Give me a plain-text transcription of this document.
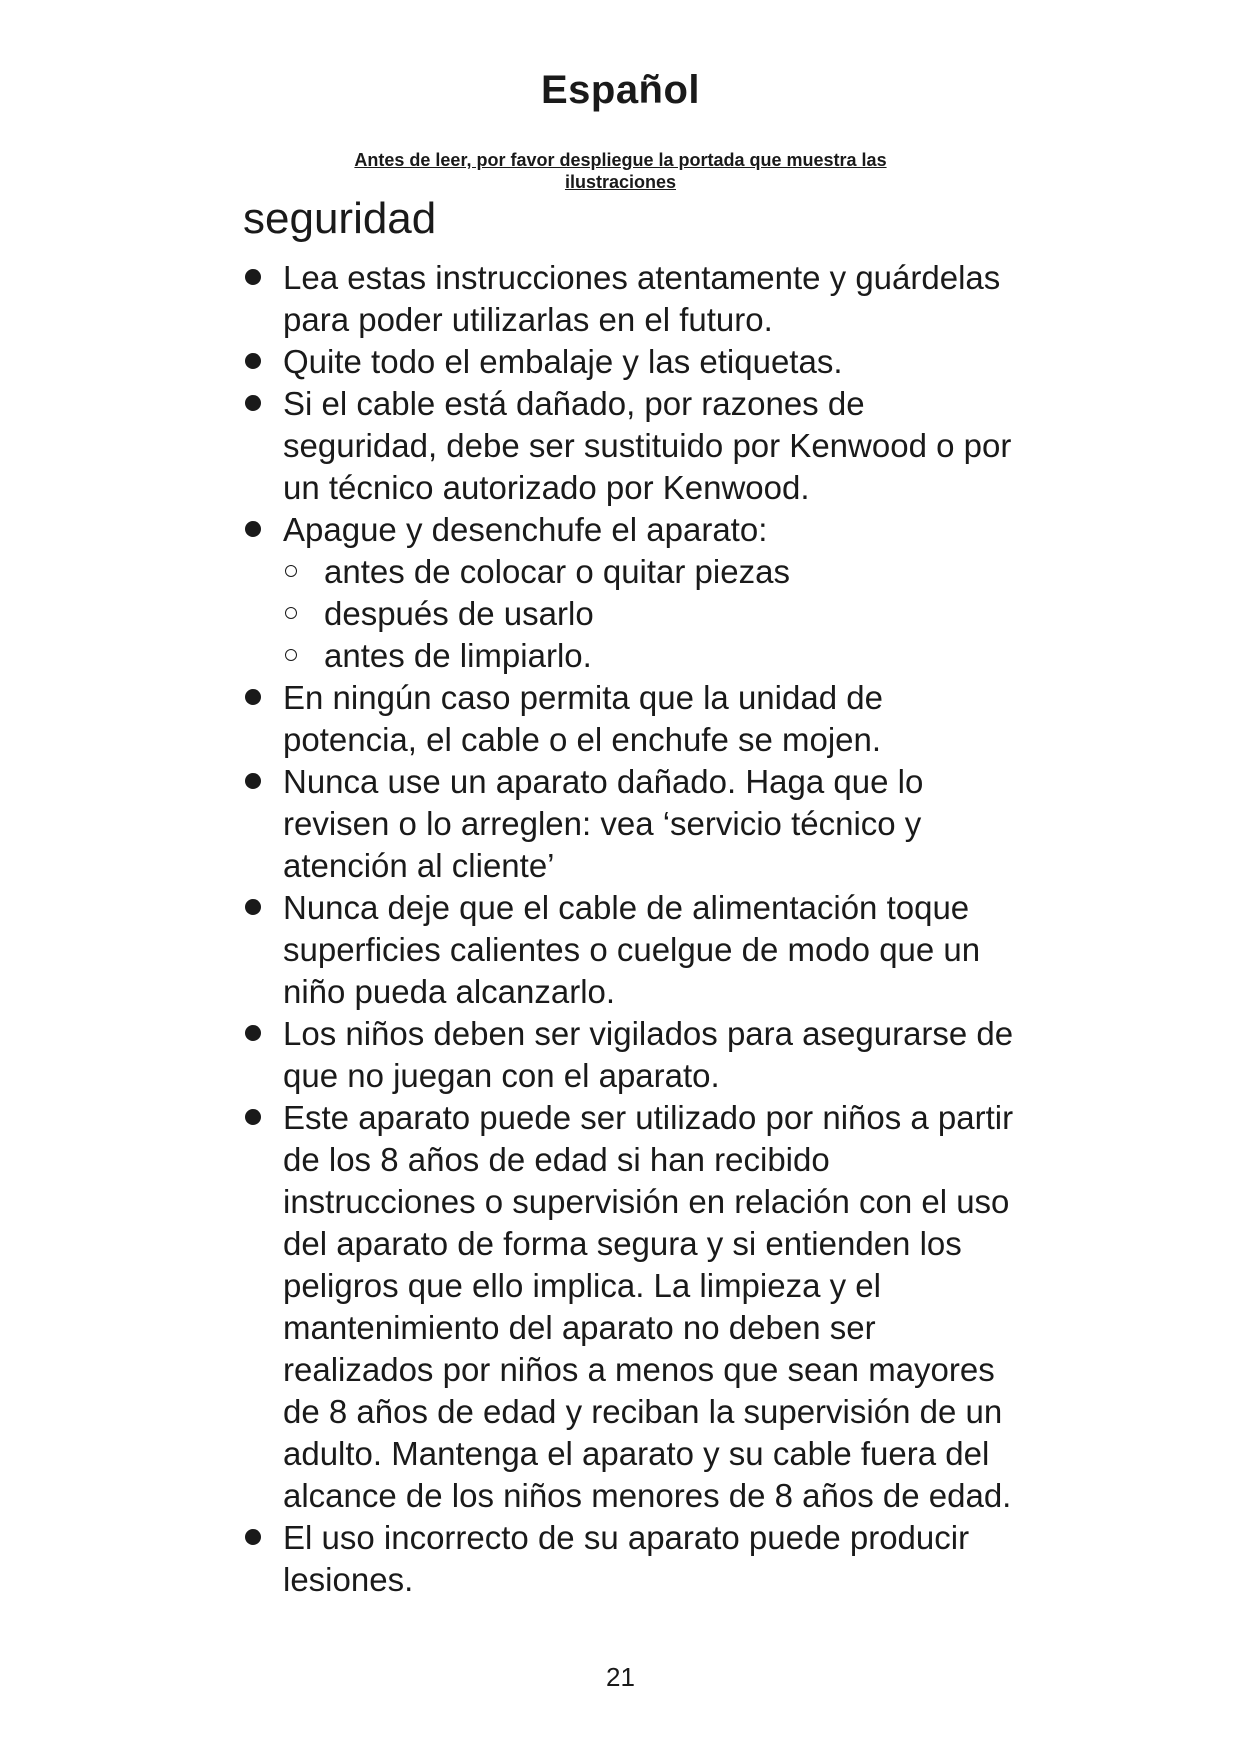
Español
Antes de leer, por favor despliegue la portada que muestra las
ilustraciones
seguridad
Lea estas instrucciones atentamente y guárdelas para poder utilizarlas en el futuro.
Quite todo el embalaje y las etiquetas.
Si el cable está dañado, por razones de seguridad, debe ser sustituido por Kenwood o por un técnico autorizado por Kenwood.
Apague y desenchufe el aparato:
antes de colocar o quitar piezas
después de usarlo
antes de limpiarlo.
En ningún caso permita que la unidad de potencia, el cable o el enchufe se mojen.
Nunca use un aparato dañado. Haga que lo revisen o lo arreglen: vea ‘servicio técnico y atención al cliente’
Nunca deje que el cable de alimentación toque superficies calientes o cuelgue de modo que un niño pueda alcanzarlo.
Los niños deben ser vigilados para asegurarse de que no juegan con el aparato.
Este aparato puede ser utilizado por niños a partir de los 8 años de edad si han recibido instrucciones o supervisión en relación con el uso del aparato de forma segura y si entienden los peligros que ello implica. La limpieza y el mantenimiento del aparato no deben ser realizados por niños a menos que sean mayores de 8 años de edad y reciban la supervisión de un adulto. Mantenga el aparato y su cable fuera del alcance de los niños menores de 8 años de edad.
El uso incorrecto de su aparato puede producir lesiones.

21
